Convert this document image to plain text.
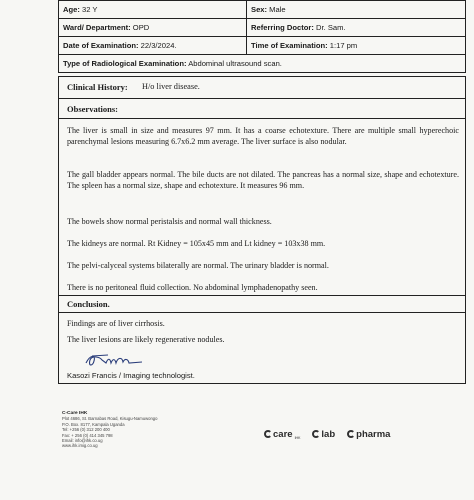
Age: 32 Y	Sex: Male
Ward/ Department: OPD	Referring Doctor: Dr. Sam.
Date of Examination: 22/3/2024.	Time of Examination: 1:17 pm
Type of Radiological Examination: Abdominal ultrasound scan.	
Clinical History: H/o liver disease.
Observations:
The liver is small in size and measures 97 mm. It has a coarse echotexture. There are multiple small hyperechoic parenchymal lesions measuring 6.7x6.2 mm average. The liver surface is also nodular.
The gall bladder appears normal. The bile ducts are not dilated. The pancreas has a normal size, shape and echotexture. The spleen has a normal size, shape and echotexture. It measures 96 mm.
The bowels show normal peristalsis and normal wall thickness.
The kidneys are normal. Rt Kidney = 105x45 mm and Lt kidney = 103x38 mm.
The pelvi-calyceal systems bilaterally are normal. The urinary bladder is normal.
There is no peritoneal fluid collection. No abdominal lymphadenopathy seen.
Conclusion.
Findings are of liver cirrhosis.
The liver lesions are likely regenerative nodules.
Kasozi Francis / Imaging technologist.
C-Care IHK
Plot 4686, St. Barnabas Road, Kisugu-Namuwongo
P.O. Box. 8177, Kampala Uganda
Tel: +256 (0) 312 200 400
Fax: + 256 (0) 414 345 798
Email: info@ihk.co.ug
www.ihk.imig.co.ug
care IHK lab pharma
